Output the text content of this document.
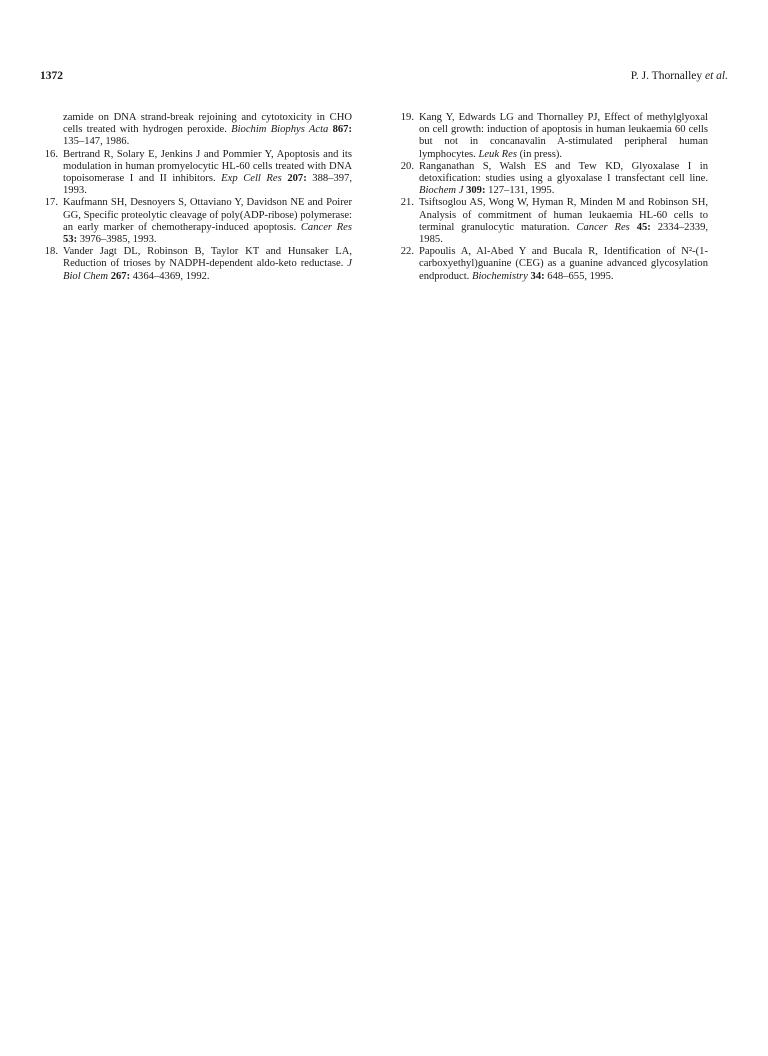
1372	P. J. Thornalley et al.
zamide on DNA strand-break rejoining and cytotoxicity in CHO cells treated with hydrogen peroxide. Biochim Biophys Acta 867: 135–147, 1986.
16. Bertrand R, Solary E, Jenkins J and Pommier Y, Apoptosis and its modulation in human promyelocytic HL-60 cells treated with DNA topoisomerase I and II inhibitors. Exp Cell Res 207: 388–397, 1993.
17. Kaufmann SH, Desnoyers S, Ottaviano Y, Davidson NE and Poirer GG, Specific proteolytic cleavage of poly(ADP-ribose) polymerase: an early marker of chemotherapy-induced apoptosis. Cancer Res 53: 3976–3985, 1993.
18. Vander Jagt DL, Robinson B, Taylor KT and Hunsaker LA, Reduction of trioses by NADPH-dependent aldo-keto reductase. J Biol Chem 267: 4364–4369, 1992.
19. Kang Y, Edwards LG and Thornalley PJ, Effect of methylglyoxal on cell growth: induction of apoptosis in human leukaemia 60 cells but not in concanavalin A-stimulated peripheral human lymphocytes. Leuk Res (in press).
20. Ranganathan S, Walsh ES and Tew KD, Glyoxalase I in detoxification: studies using a glyoxalase I transfectant cell line. Biochem J 309: 127–131, 1995.
21. Tsiftsoglou AS, Wong W, Hyman R, Minden M and Robinson SH, Analysis of commitment of human leukaemia HL-60 cells to terminal granulocytic maturation. Cancer Res 45: 2334–2339, 1985.
22. Papoulis A, Al-Abed Y and Bucala R, Identification of N²-(1-carboxyethyl)guanine (CEG) as a guanine advanced glycosylation endproduct. Biochemistry 34: 648–655, 1995.
